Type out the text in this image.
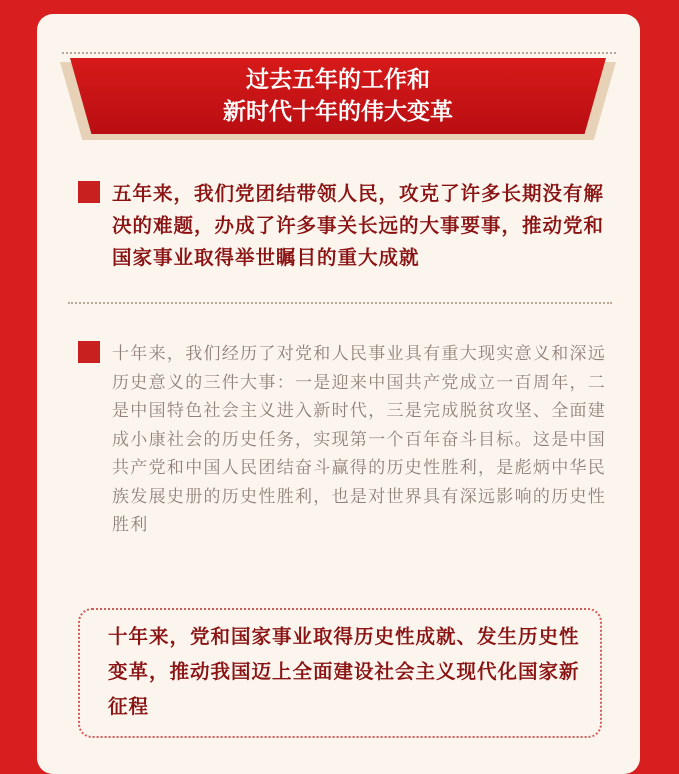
过去五年的工作和
新时代十年的伟大变革
五年来，我们党团结带领人民，攻克了许多长期没有解决的难题，办成了许多事关长远的大事要事，推动党和国家事业取得举世瞩目的重大成就
十年来，我们经历了对党和人民事业具有重大现实意义和深远历史意义的三件大事：一是迎来中国共产党成立一百周年，二是中国特色社会主义进入新时代，三是完成脱贫攻坚、全面建成小康社会的历史任务，实现第一个百年奋斗目标。这是中国共产党和中国人民团结奋斗赢得的历史性胜利，是彪炳中华民族发展史册的历史性胜利，也是对世界具有深远影响的历史性胜利
十年来，党和国家事业取得历史性成就、发生历史性变革，推动我国迈上全面建设社会主义现代化国家新征程
